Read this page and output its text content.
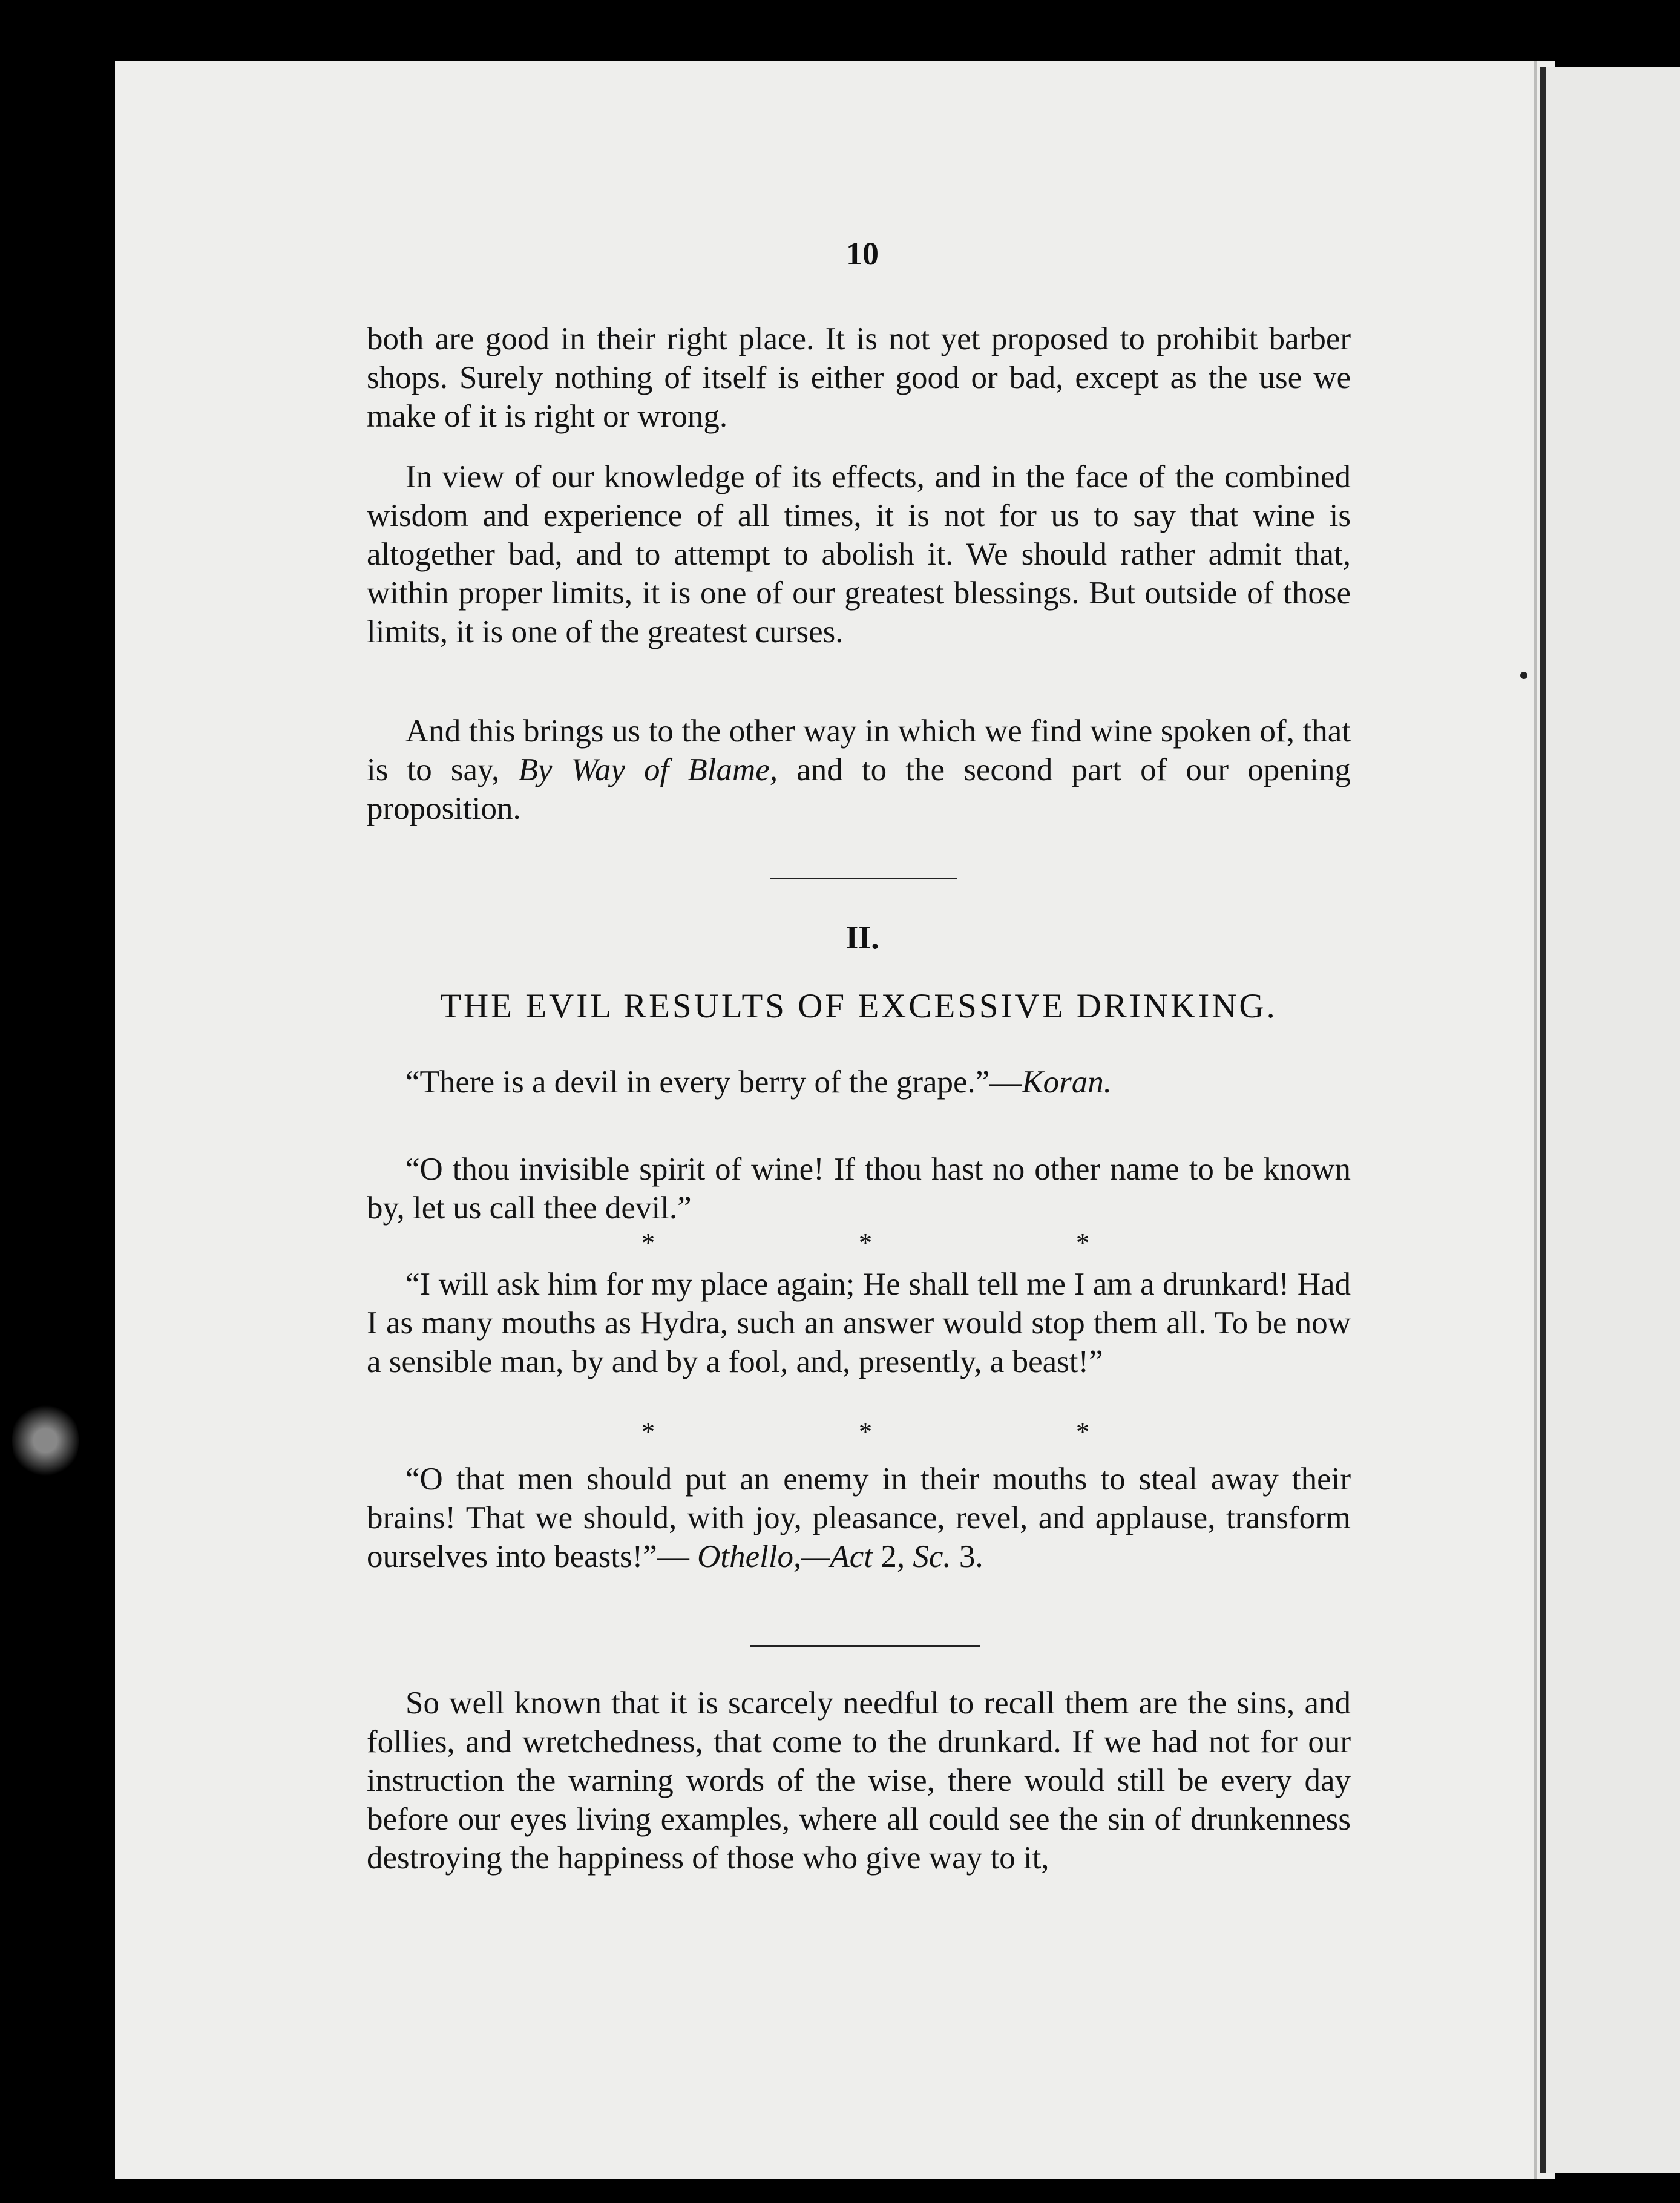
10

both are good in their right place. It is not yet proposed to prohibit barber shops. Surely nothing of itself is either good or bad, except as the use we make of it is right or wrong.

In view of our knowledge of its effects, and in the face of the combined wisdom and experience of all times, it is not for us to say that wine is altogether bad, and to attempt to abolish it. We should rather admit that, within proper limits, it is one of our greatest blessings. But outside of those limits, it is one of the greatest curses.

And this brings us to the other way in which we find wine spoken of, that is to say, By Way of Blame, and to the second part of our opening proposition.

II.
THE EVIL RESULTS OF EXCESSIVE DRINKING.
“There is a devil in every berry of the grape.”—Koran.

“O thou invisible spirit of wine! If thou hast no other name to be known by, let us call thee devil.”

*	*	*

“I will ask him for my place again; He shall tell me I am a drunkard! Had I as many mouths as Hydra, such an answer would stop them all. To be now a sensible man, by and by a fool, and, presently, a beast!”

*	*	*

“O that men should put an enemy in their mouths to steal away their brains! That we should, with joy, pleasance, revel, and applause, transform ourselves into beasts!”— Othello,—Act 2, Sc. 3.

So well known that it is scarcely needful to recall them are the sins, and follies, and wretchedness, that come to the drunkard. If we had not for our instruction the warning words of the wise, there would still be every day before our eyes living examples, where all could see the sin of drunkenness destroying the happiness of those who give way to it,
